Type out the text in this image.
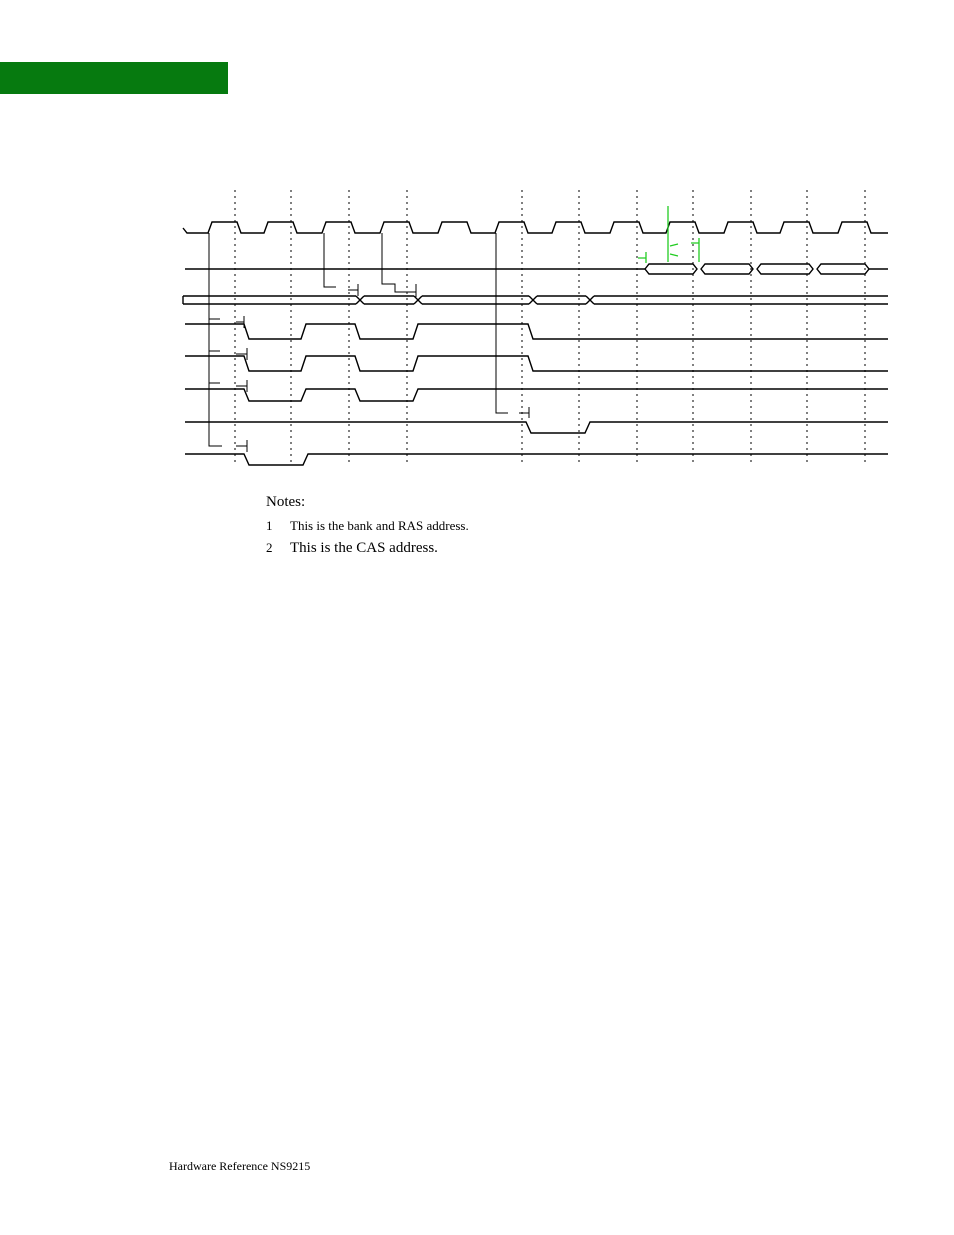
Notes:
1	This is the bank and RAS address.
2	This is the CAS address.
Hardware Reference NS9215
